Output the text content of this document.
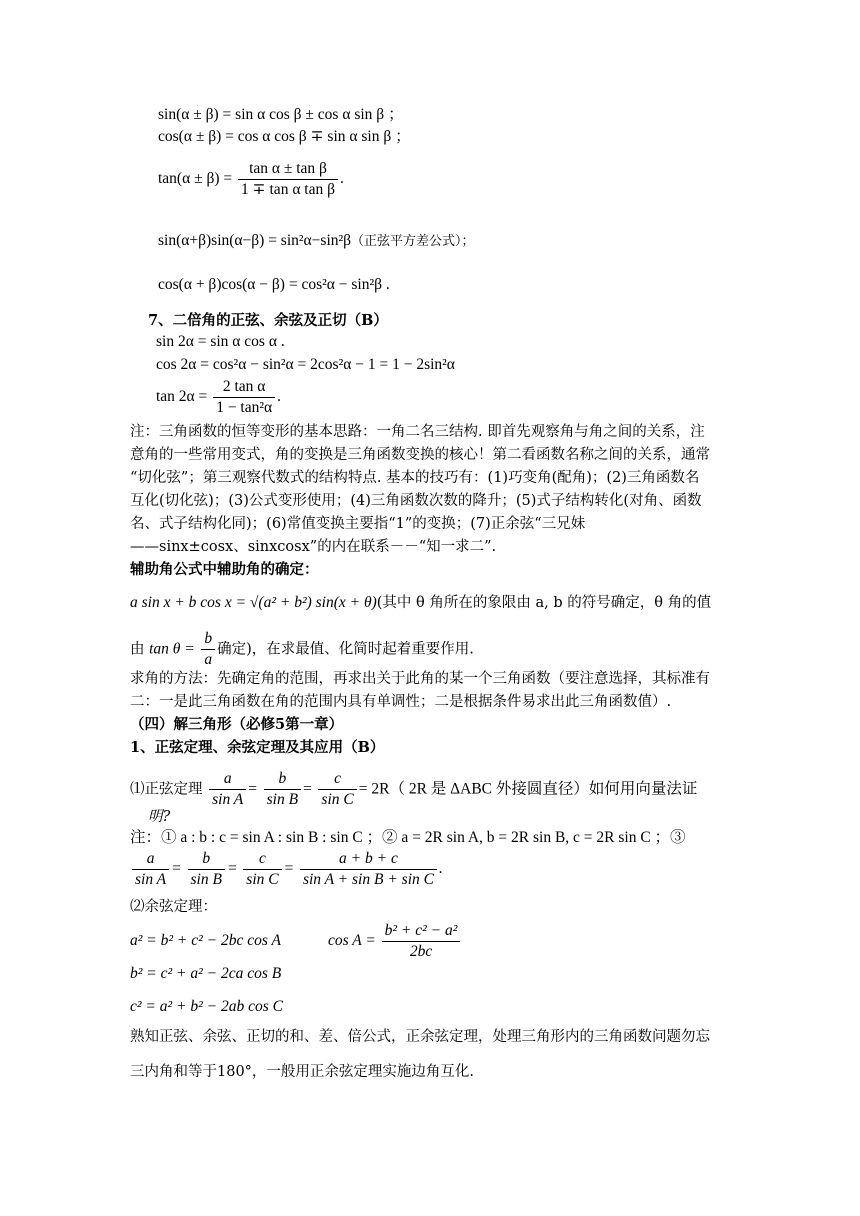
sin(α ± β) = sin α cos β ± cos α sin β ；
cos(α ± β) = cos α cos β ∓ sin α sin β ；
$\tan(\alpha \pm \beta) = \frac{\text{tan α ± tan β}}{\text{1 ∓ tan α tan β}}$ .
sin(α+β)sin(α−β) = sin²α−sin²β（正弦平方差公式）；
cos(α + β)cos(α − β) = cos²α − sin²β .
7、二倍角的正弦、余弦及正切（B）
sin 2α = sin α cos α .
cos 2α = cos²α − sin²α = 2cos²α − 1 = 1 − 2sin²α
$\tan 2\alpha = \frac{\text{2 tan α}}{\text{1 − tan²α}}$ .
注：三角函数的恒等变形的基本思路：一角二名三结构. 即首先观察角与角之间的关系，注
意角的一些常用变式，角的变换是三角函数变换的核心！第二看函数名称之间的关系，通常
“切化弦”；第三观察代数式的结构特点. 基本的技巧有：(1)巧变角(配角)；(2)三角函数名
互化(切化弦)；(3)公式变形使用；(4)三角函数次数的降升；(5)式子结构转化(对角、函数
名、式子结构化同)；(6)常值变换主要指“1”的变换；(7)正余弦“三兄妹
——sinx±cosx、sinxcosx”的内在联系－－“知一求二”.
辅助角公式中辅助角的确定：
a sin x + b cos x = √(a² + b²) sin(x + θ)(其中 θ 角所在的象限由 a, b 的符号确定，θ 角的值
由 $\tan \theta = \frac{b}{a}$ 确定)，在求最值、化简时起着重要作用.
求角的方法：先确定角的范围，再求出关于此角的某一个三角函数（要注意选择，其标准有
二：一是此三角函数在角的范围内具有单调性；二是根据条件易求出此三角函数值）.
（四）解三角形（必修5第一章）
1、正弦定理、余弦定理及其应用（B）
⑴正弦定理 $\frac{a}{\text{sin A}} = \frac{b}{\text{sin B}} = \frac{c}{\text{sin C}} = 2R$（ 2R 是 ΔABC 外接圆直径）如何用向量法证
明?
注：① a : b : c = sin A : sin B : sin C ；② a = 2R sin A, b = 2R sin B, c = 2R sin C ；③
$\frac{a}{\text{sin A}} = \frac{b}{\text{sin B}} = \frac{c}{\text{sin C}} = \frac{a + b + c}{\text{sin A + sin B + sin C}}$ .
⑵余弦定理：
a² = b² + c² − 2bc cos A	$\cos A = \frac{\text{b² + c² − a²}}{2bc}$
b² = c² + a² − 2ca cos B
c² = a² + b² − 2ab cos C
熟知正弦、余弦、正切的和、差、倍公式，正余弦定理，处理三角形内的三角函数问题勿忘
三内角和等于180°，一般用正余弦定理实施边角互化.
